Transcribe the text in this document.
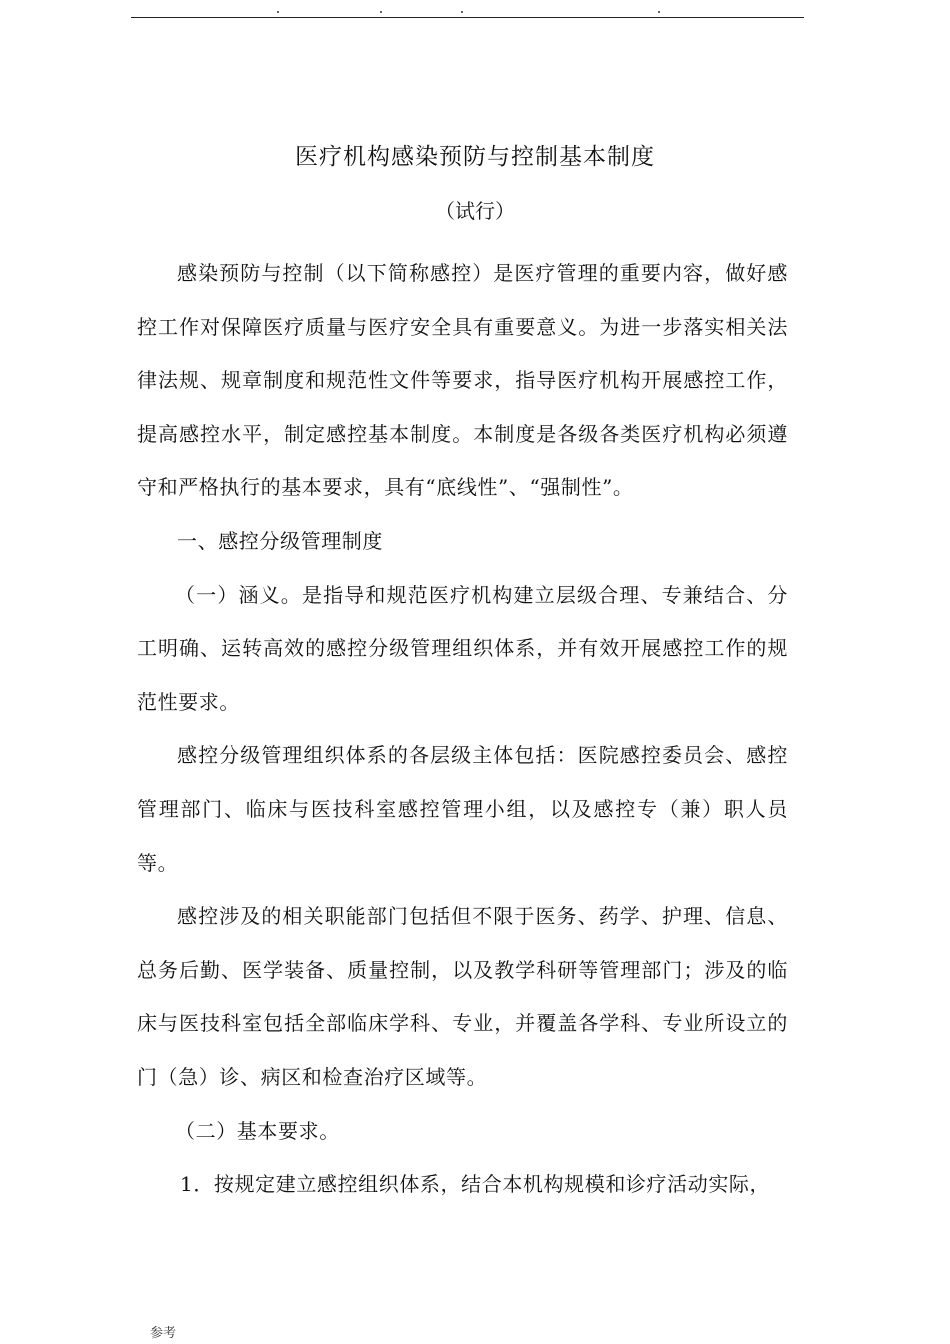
医疗机构感染预防与控制基本制度
（试行）

感染预防与控制（以下简称感控）是医疗管理的重要内容，做好感控工作对保障医疗质量与医疗安全具有重要意义。为进一步落实相关法律法规、规章制度和规范性文件等要求，指导医疗机构开展感控工作，提高感控水平，制定感控基本制度。本制度是各级各类医疗机构必须遵守和严格执行的基本要求，具有“底线性”、“强制性”。

一、感控分级管理制度

（一）涵义。是指导和规范医疗机构建立层级合理、专兼结合、分工明确、运转高效的感控分级管理组织体系，并有效开展感控工作的规范性要求。

感控分级管理组织体系的各层级主体包括：医院感控委员会、感控管理部门、临床与医技科室感控管理小组，以及感控专（兼）职人员等。

感控涉及的相关职能部门包括但不限于医务、药学、护理、信息、总务后勤、医学装备、质量控制，以及教学科研等管理部门；涉及的临床与医技科室包括全部临床学科、专业，并覆盖各学科、专业所设立的门（急）诊、病区和检查治疗区域等。

（二）基本要求。

1．按规定建立感控组织体系，结合本机构规模和诊疗活动实际，

参考
